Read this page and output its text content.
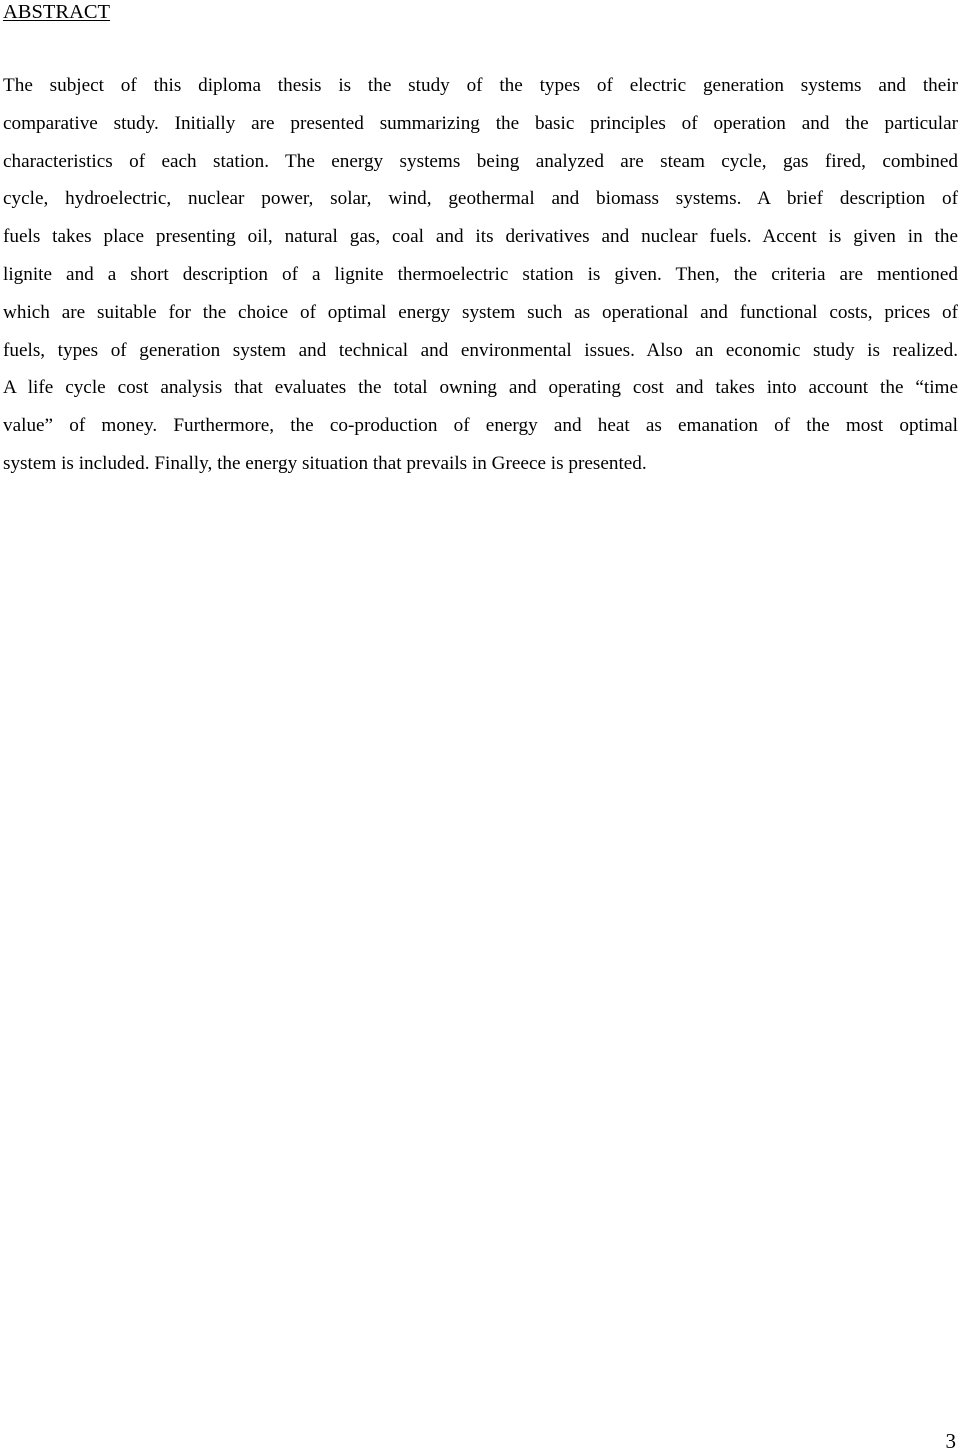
ABSTRACT
The subject of this diploma thesis is the study of the types of electric generation systems and their
comparative study. Initially are presented summarizing the basic principles of operation and the particular
characteristics of each station. The energy systems being analyzed are steam cycle, gas fired, combined
cycle, hydroelectric, nuclear power, solar, wind, geothermal and biomass systems. A brief description of
fuels takes place presenting oil, natural gas, coal and its derivatives and nuclear fuels. Accent is given in the
lignite and a short description of a lignite thermoelectric station is given. Then, the criteria are mentioned
which are suitable for the choice of optimal energy system such as operational and functional costs, prices of
fuels, types of generation system and technical and environmental issues. Also an economic study is realized.
A life cycle cost analysis that evaluates the total owning and operating cost and takes into account the “time
value” of money. Furthermore, the co-production of energy and heat as emanation of the most optimal
system is included. Finally, the energy situation that prevails in Greece is presented.
3
